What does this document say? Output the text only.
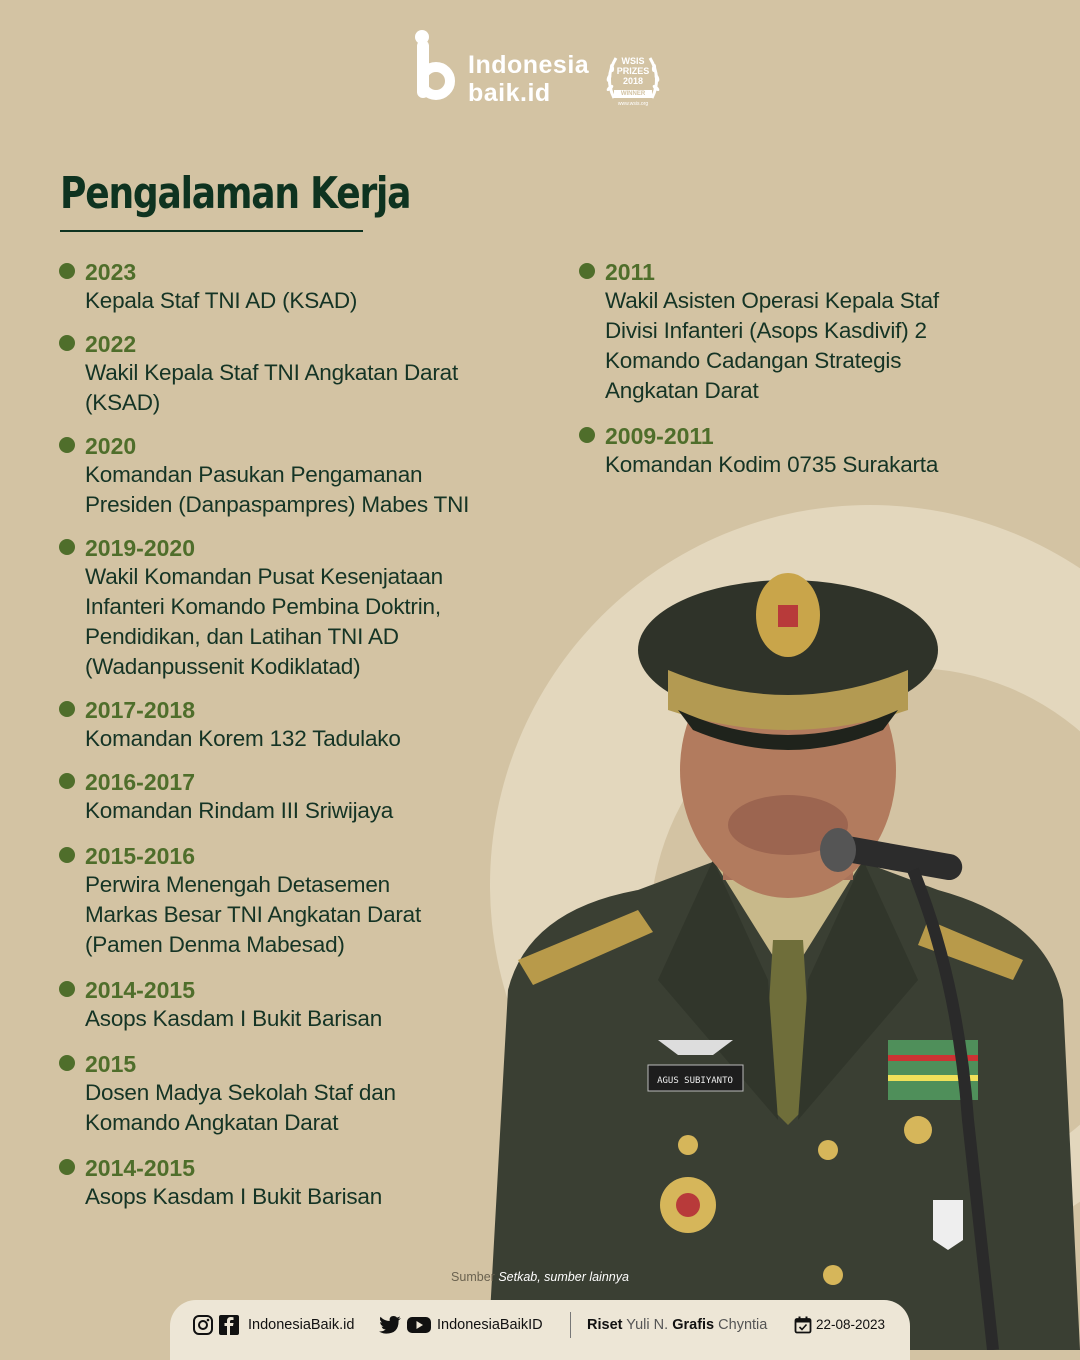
Indonesia
baik.id
WSIS
PRIZES
2018
WINNER
www.wsis.org
Pengalaman Kerja
2023
Kepala Staf TNI AD (KSAD)
2022
Wakil Kepala Staf TNI Angkatan Darat (KSAD)
2020
Komandan Pasukan Pengamanan Presiden (Danpaspampres) Mabes TNI
2019-2020
Wakil Komandan Pusat Kesenjataan Infanteri Komando Pembina Doktrin, Pendidikan, dan Latihan TNI AD (Wadanpussenit Kodiklatad)
2017-2018
Komandan Korem 132 Tadulako
2016-2017
Komandan Rindam III Sriwijaya
2015-2016
Perwira Menengah Detasemen Markas Besar TNI Angkatan Darat (Pamen Denma Mabesad)
2014-2015
Asops Kasdam I Bukit Barisan
2015
Dosen Madya Sekolah Staf dan Komando Angkatan Darat
2014-2015
Asops Kasdam I Bukit Barisan
2011
Wakil Asisten Operasi Kepala Staf Divisi Infanteri (Asops Kasdivif) 2 Komando Cadangan Strategis Angkatan Darat
2009-2011
Komandan Kodim 0735 Surakarta
AGUS SUBIYANTO
Sumber Setkab, sumber lainnya
IndonesiaBaik.id	IndonesiaBaikID	Riset Yuli N. Grafis Chyntia	22-08-2023
